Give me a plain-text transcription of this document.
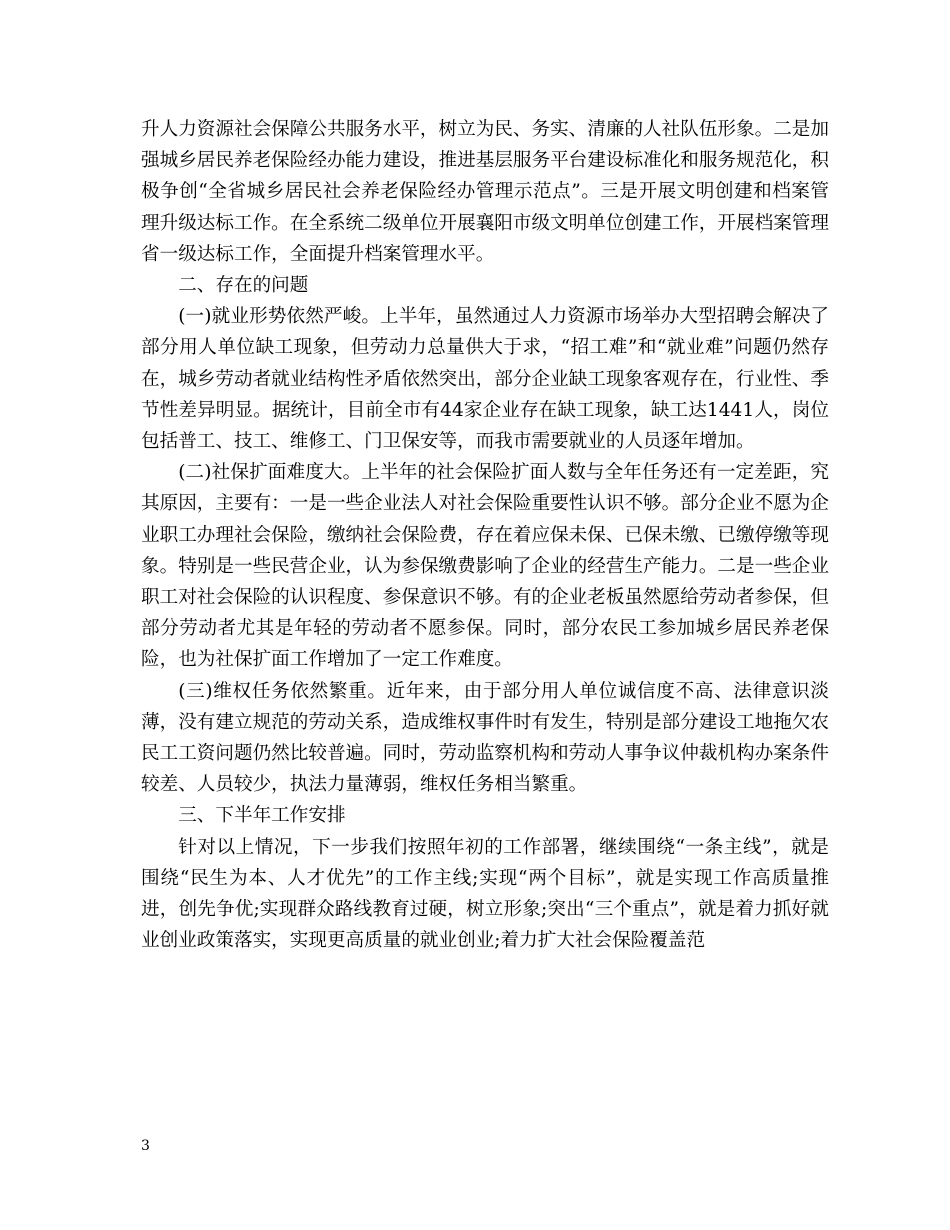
升人力资源社会保障公共服务水平，树立为民、务实、清廉的人社队伍形象。二是加强城乡居民养老保险经办能力建设，推进基层服务平台建设标准化和服务规范化，积极争创“全省城乡居民社会养老保险经办管理示范点”。三是开展文明创建和档案管理升级达标工作。在全系统二级单位开展襄阳市级文明单位创建工作，开展档案管理省一级达标工作，全面提升档案管理水平。

二、存在的问题

(一)就业形势依然严峻。上半年，虽然通过人力资源市场举办大型招聘会解决了部分用人单位缺工现象，但劳动力总量供大于求，“招工难”和“就业难”问题仍然存在，城乡劳动者就业结构性矛盾依然突出，部分企业缺工现象客观存在，行业性、季节性差异明显。据统计，目前全市有44家企业存在缺工现象，缺工达1441人，岗位包括普工、技工、维修工、门卫保安等，而我市需要就业的人员逐年增加。

(二)社保扩面难度大。上半年的社会保险扩面人数与全年任务还有一定差距，究其原因，主要有：一是一些企业法人对社会保险重要性认识不够。部分企业不愿为企业职工办理社会保险，缴纳社会保险费，存在着应保未保、已保未缴、已缴停缴等现象。特别是一些民营企业，认为参保缴费影响了企业的经营生产能力。二是一些企业职工对社会保险的认识程度、参保意识不够。有的企业老板虽然愿给劳动者参保，但部分劳动者尤其是年轻的劳动者不愿参保。同时，部分农民工参加城乡居民养老保险，也为社保扩面工作增加了一定工作难度。

(三)维权任务依然繁重。近年来，由于部分用人单位诚信度不高、法律意识淡薄，没有建立规范的劳动关系，造成维权事件时有发生，特别是部分建设工地拖欠农民工工资问题仍然比较普遍。同时，劳动监察机构和劳动人事争议仲裁机构办案条件较差、人员较少，执法力量薄弱，维权任务相当繁重。

三、下半年工作安排

针对以上情况，下一步我们按照年初的工作部署，继续围绕“一条主线”，就是围绕“民生为本、人才优先”的工作主线;实现“两个目标”，就是实现工作高质量推进，创先争优;实现群众路线教育过硬，树立形象;突出“三个重点”，就是着力抓好就业创业政策落实，实现更高质量的就业创业;着力扩大社会保险覆盖范

3
